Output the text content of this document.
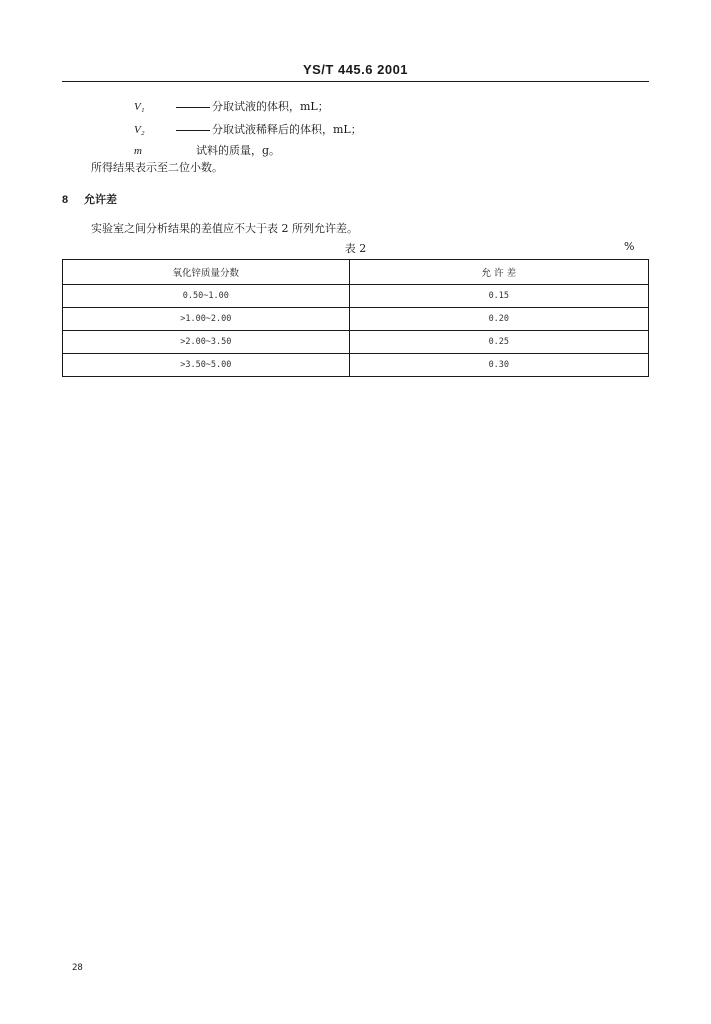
YS/T 445.6 2001
V₁	分取试液的体积，mL；
V₂	分取试液稀释后的体积，mL；
m	试料的质量，g。
所得结果表示至二位小数。
8 允许差
实验室之间分析结果的差值应不大于表 2 所列允许差。
表 2	%
氧化锌质量分数	允 许 差
0.50~1.00	0.15
>1.00~2.00	0.20
>2.00~3.50	0.25
>3.50~5.00	0.30
28
